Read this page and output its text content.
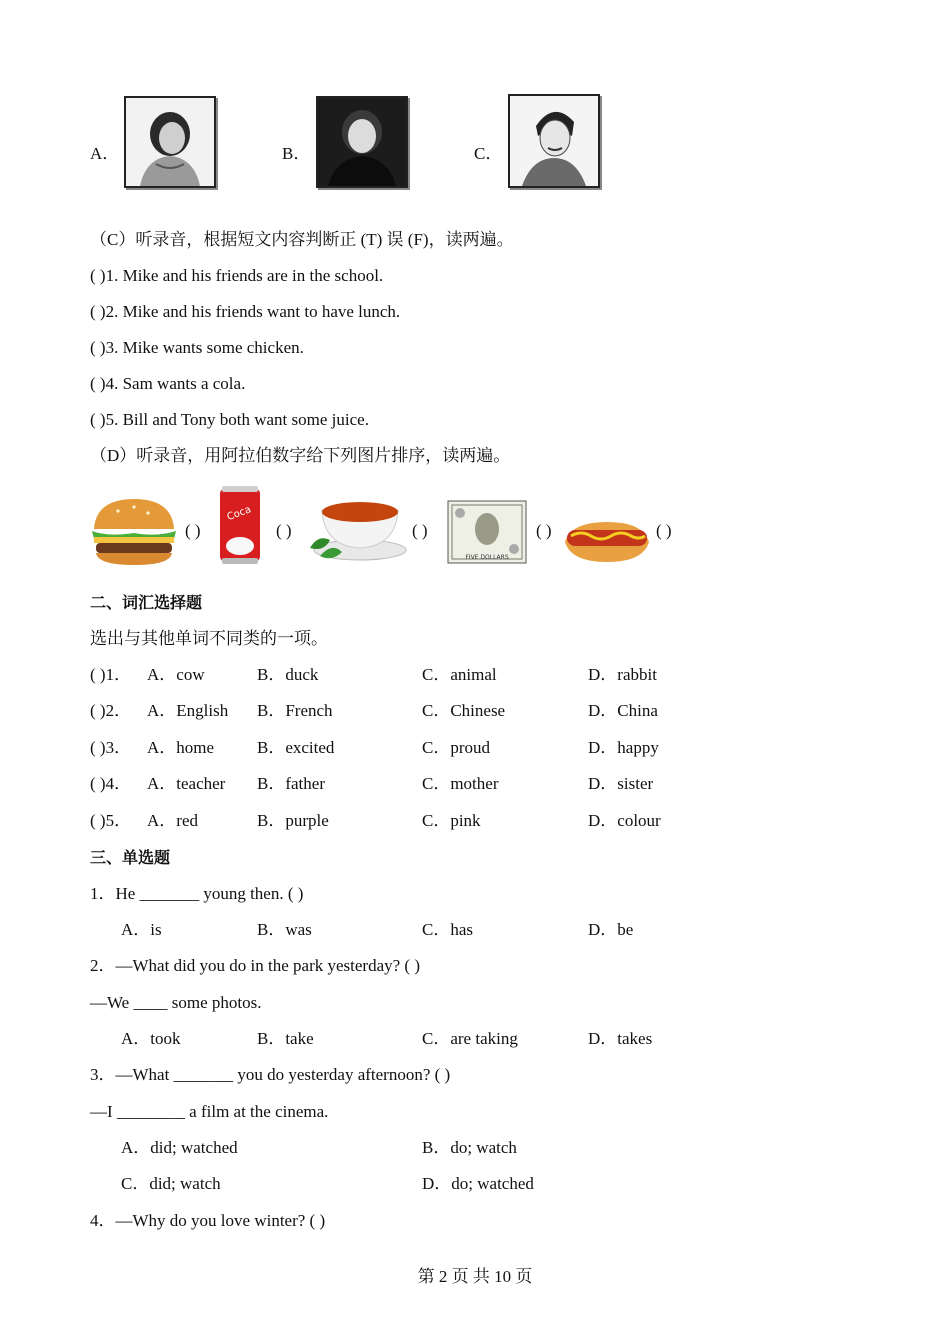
A．	B．	C．
（C）听录音，根据短文内容判断正 (T) 误 (F)，读两遍。
( )1. Mike and his friends are in the school.
( )2. Mike and his friends want to have lunch.
( )3. Mike wants some chicken.
( )4. Sam wants a cola.
( )5. Bill and Tony both want some juice.
（D）听录音，用阿拉伯数字给下列图片排序，读两遍。
( )
Coca
( )	( )
FIVE DOLLARS
( )	( )
二、词汇选择题
选出与其他单词不同类的一项。
( )1． A．cow	B．duck	C．animal	D．rabbit
( )2． A．English B．French	C．Chinese	D．China
( )3． A．home	B．excited	C．proud	D．happy
( )4． A．teacher B．father	C．mother	D．sister
( )5． A．red	B．purple	C．pink	D．colour
三、单选题
1．He _______ young then. ( )
A．is	B．was	C．has	D．be
2．—What did you do in the park yesterday? ( )
—We ____ some photos.
A．took	B．take	C．are taking	D．takes
3．—What _______ you do yesterday afternoon? ( )
—I ________ a film at the cinema.
A．did; watched	B．do; watch
C．did; watch	D．do; watched
4．—Why do you love winter? ( )
第 2 页 共 10 页
